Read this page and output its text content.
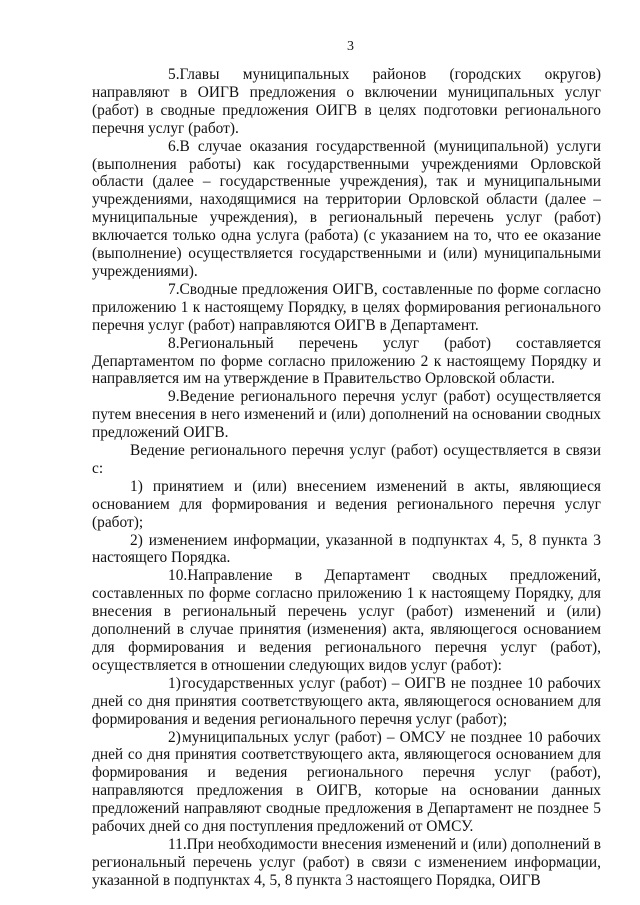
3

5.Главы муниципальных районов (городских округов) направляют в ОИГВ предложения о включении муниципальных услуг (работ) в сводные предложения ОИГВ в целях подготовки регионального перечня услуг (работ).

6.В случае оказания государственной (муниципальной) услуги (выполнения работы) как государственными учреждениями Орловской области (далее – государственные учреждения), так и муниципальными учреждениями, находящимися на территории Орловской области (далее – муниципальные учреждения), в региональный перечень услуг (работ) включается только одна услуга (работа) (с указанием на то, что ее оказание (выполнение) осуществляется государственными и (или) муниципальными учреждениями).

7.Сводные предложения ОИГВ, составленные по форме согласно приложению 1 к настоящему Порядку, в целях формирования регионального перечня услуг (работ) направляются ОИГВ в Департамент.

8.Региональный перечень услуг (работ) составляется Департаментом по форме согласно приложению 2 к настоящему Порядку и направляется им на утверждение в Правительство Орловской области.

9.Ведение регионального перечня услуг (работ) осуществляется путем внесения в него изменений и (или) дополнений на основании сводных предложений ОИГВ.

Ведение регионального перечня услуг (работ) осуществляется в связи с:

1) принятием и (или) внесением изменений в акты, являющиеся основанием для формирования и ведения регионального перечня услуг (работ);

2) изменением информации, указанной в подпунктах 4, 5, 8 пункта 3 настоящего Порядка.

10.Направление в Департамент сводных предложений, составленных по форме согласно приложению 1 к настоящему Порядку, для внесения в региональный перечень услуг (работ) изменений и (или) дополнений в случае принятия (изменения) акта, являющегося основанием для формирования и ведения регионального перечня услуг (работ), осуществляется в отношении следующих видов услуг (работ):

1)государственных услуг (работ) – ОИГВ не позднее 10 рабочих дней со дня принятия соответствующего акта, являющегося основанием для формирования и ведения регионального перечня услуг (работ);

2)муниципальных услуг (работ) – ОМСУ не позднее 10 рабочих дней со дня принятия соответствующего акта, являющегося основанием для формирования и ведения регионального перечня услуг (работ), направляются предложения в ОИГВ, которые на основании данных предложений направляют сводные предложения в Департамент не позднее 5 рабочих дней со дня поступления предложений от ОМСУ.

11.При необходимости внесения изменений и (или) дополнений в региональный перечень услуг (работ) в связи с изменением информации, указанной в подпунктах 4, 5, 8 пункта 3 настоящего Порядка, ОИГВ
